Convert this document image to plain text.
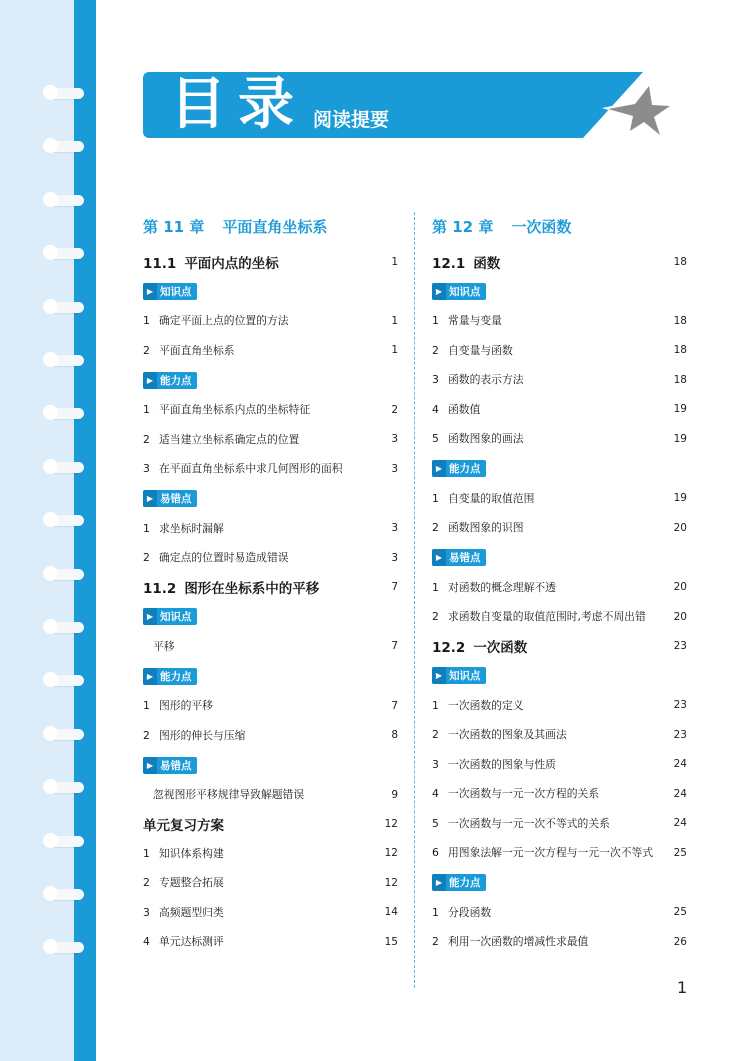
目录 阅读提要
第 11 章 平面直角坐标系
11.1 平面内点的坐标	1
▶ 知识点
1 确定平面上点的位置的方法	1
2 平面直角坐标系	1
▶ 能力点
1 平面直角坐标系内点的坐标特征	2
2 适当建立坐标系确定点的位置	3
3 在平面直角坐标系中求几何图形的面积	3
▶ 易错点
1 求坐标时漏解	3
2 确定点的位置时易造成错误	3
11.2 图形在坐标系中的平移	7
▶ 知识点
平移	7
▶ 能力点
1 图形的平移	7
2 图形的伸长与压缩	8
▶ 易错点
忽视图形平移规律导致解题错误	9
单元复习方案	12
1 知识体系构建	12
2 专题整合拓展	12
3 高频题型归类	14
4 单元达标测评	15
第 12 章 一次函数
12.1 函数	18
▶ 知识点
1 常量与变量	18
2 自变量与函数	18
3 函数的表示方法	18
4 函数值	19
5 函数图象的画法	19
▶ 能力点
1 自变量的取值范围	19
2 函数图象的识图	20
▶ 易错点
1 对函数的概念理解不透	20
2 求函数自变量的取值范围时,考虑不周出错	20
12.2 一次函数	23
▶ 知识点
1 一次函数的定义	23
2 一次函数的图象及其画法	23
3 一次函数的图象与性质	24
4 一次函数与一元一次方程的关系	24
5 一次函数与一元一次不等式的关系	24
6 用图象法解一元一次方程与一元一次不等式 25
▶ 能力点
1 分段函数	25
2 利用一次函数的增减性求最值	26
1
